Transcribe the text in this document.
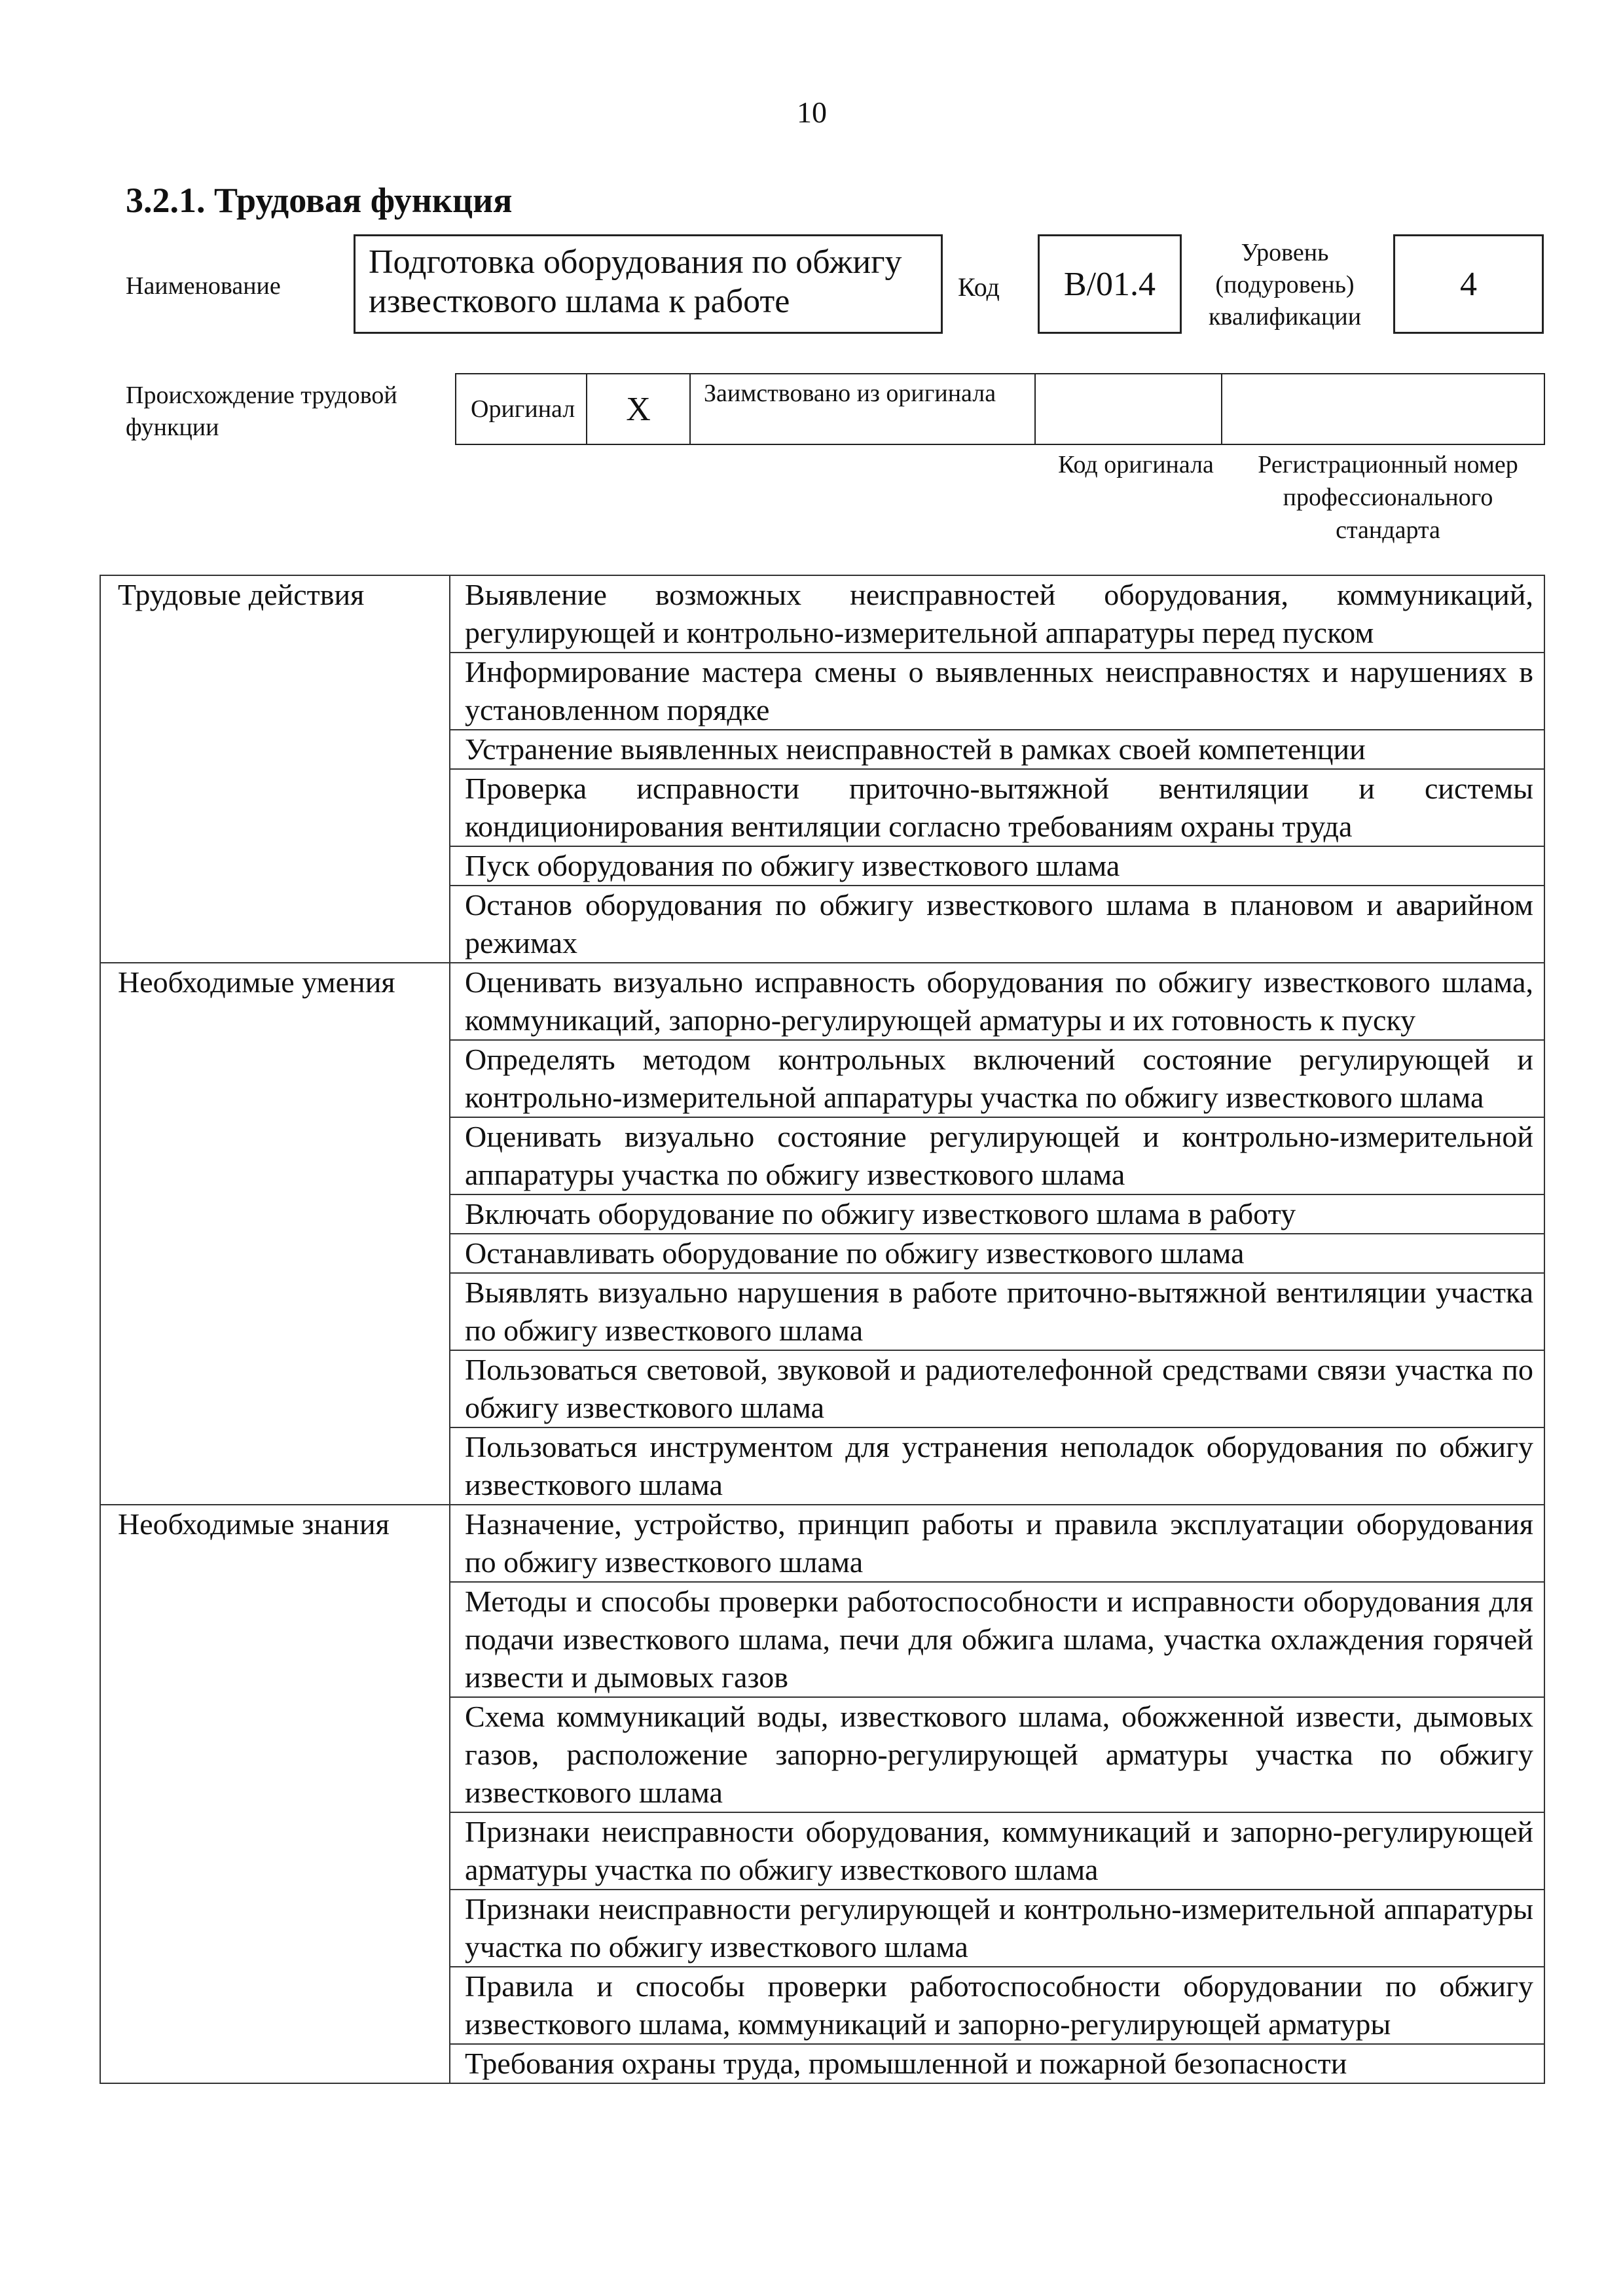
10
3.2.1. Трудовая функция
Наименование
Подготовка оборудования по обжигу известкового шлама к работе	Код	В/01.4
Уровень (подуровень) квалификации
4
Происхождение трудовой функции
Оригинал	X	Заимствовано из оригинала
Код оригинала	Регистрационный номер профессионального стандарта
Трудовые действия	Выявление возможных неисправностей оборудования, коммуникаций, регулирующей и контрольно-измерительной аппаратуры перед пуском
	Информирование мастера смены о выявленных неисправностях и нарушениях в установленном порядке
	Устранение выявленных неисправностей в рамках своей компетенции
	Проверка исправности приточно-вытяжной вентиляции и системы кондиционирования вентиляции согласно требованиям охраны труда
	Пуск оборудования по обжигу известкового шлама
	Останов оборудования по обжигу известкового шлама в плановом и аварийном режимах
Необходимые умения	Оценивать визуально исправность оборудования по обжигу известкового шлама, коммуникаций, запорно-регулирующей арматуры и их готовность к пуску
	Определять методом контрольных включений состояние регулирующей и контрольно-измерительной аппаратуры участка по обжигу известкового шлама
	Оценивать визуально состояние регулирующей и контрольно-измерительной аппаратуры участка по обжигу известкового шлама
	Включать оборудование по обжигу известкового шлама в работу
	Останавливать оборудование по обжигу известкового шлама
	Выявлять визуально нарушения в работе приточно-вытяжной вентиляции участка по обжигу известкового шлама
	Пользоваться световой, звуковой и радиотелефонной средствами связи участка по обжигу известкового шлама
	Пользоваться инструментом для устранения неполадок оборудования по обжигу известкового шлама
Необходимые знания	Назначение, устройство, принцип работы и правила эксплуатации оборудования по обжигу известкового шлама
	Методы и способы проверки работоспособности и исправности оборудования для подачи известкового шлама, печи для обжига шлама, участка охлаждения горячей извести и дымовых газов
	Схема коммуникаций воды, известкового шлама, обожженной извести, дымовых газов, расположение запорно-регулирующей арматуры участка по обжигу известкового шлама
	Признаки неисправности оборудования, коммуникаций и запорно-регулирующей арматуры участка по обжигу известкового шлама
	Признаки неисправности регулирующей и контрольно-измерительной аппаратуры участка по обжигу известкового шлама
	Правила и способы проверки работоспособности оборудовании по обжигу известкового шлама, коммуникаций и запорно-регулирующей арматуры
	Требования охраны труда, промышленной и пожарной безопасности
